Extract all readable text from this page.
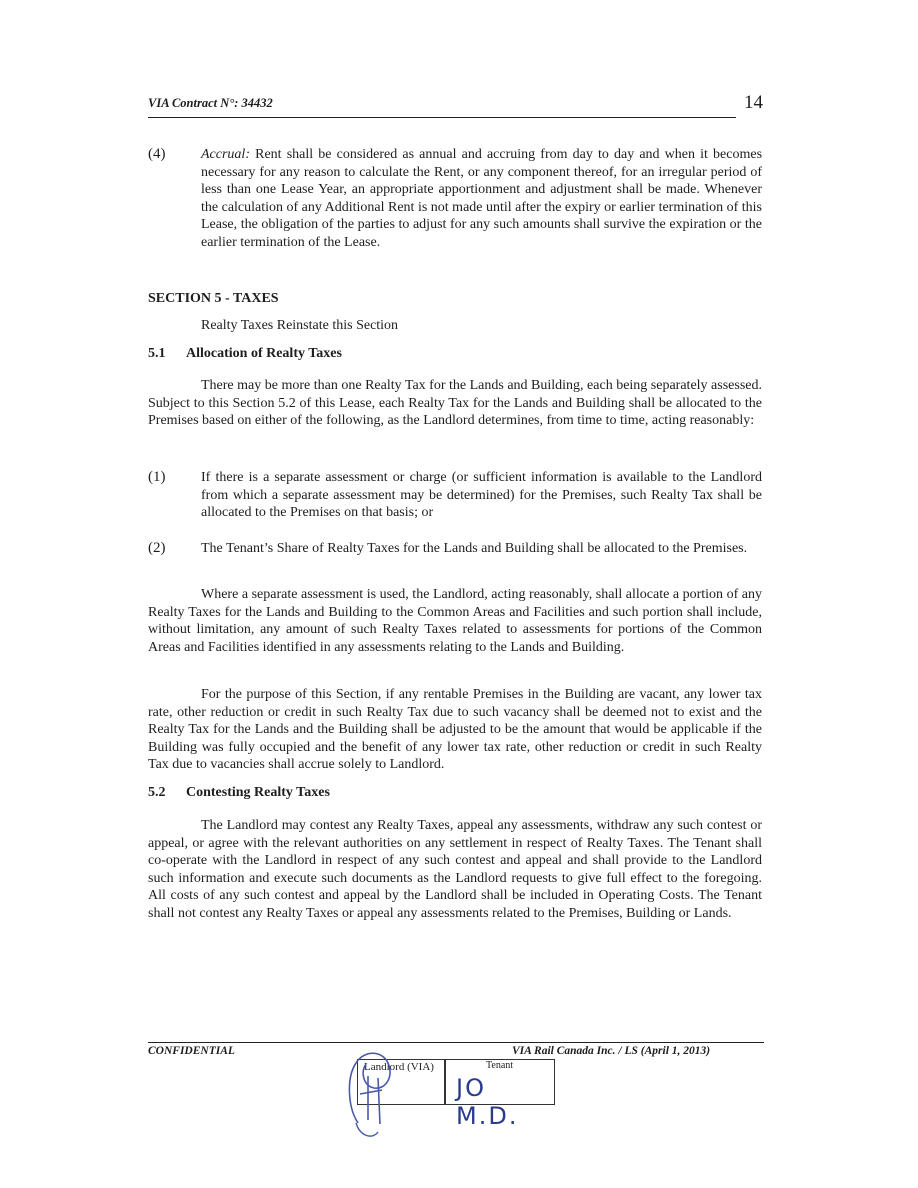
VIA Contract N°: 34432	14
(4)	Accrual: Rent shall be considered as annual and accruing from day to day and when it becomes necessary for any reason to calculate the Rent, or any component thereof, for an irregular period of less than one Lease Year, an appropriate apportionment and adjustment shall be made. Whenever the calculation of any Additional Rent is not made until after the expiry or earlier termination of this Lease, the obligation of the parties to adjust for any such amounts shall survive the expiration or the earlier termination of the Lease.
SECTION 5 - TAXES
Realty Taxes Reinstate this Section
5.1 Allocation of Realty Taxes
There may be more than one Realty Tax for the Lands and Building, each being separately assessed. Subject to this Section 5.2 of this Lease, each Realty Tax for the Lands and Building shall be allocated to the Premises based on either of the following, as the Landlord determines, from time to time, acting reasonably:
(1)	If there is a separate assessment or charge (or sufficient information is available to the Landlord from which a separate assessment may be determined) for the Premises, such Realty Tax shall be allocated to the Premises on that basis; or
(2)	The Tenant’s Share of Realty Taxes for the Lands and Building shall be allocated to the Premises.
Where a separate assessment is used, the Landlord, acting reasonably, shall allocate a portion of any Realty Taxes for the Lands and Building to the Common Areas and Facilities and such portion shall include, without limitation, any amount of such Realty Taxes related to assessments for portions of the Common Areas and Facilities identified in any assessments relating to the Lands and Building.
For the purpose of this Section, if any rentable Premises in the Building are vacant, any lower tax rate, other reduction or credit in such Realty Tax due to such vacancy shall be deemed not to exist and the Realty Tax for the Lands and the Building shall be adjusted to be the amount that would be applicable if the Building was fully occupied and the benefit of any lower tax rate, other reduction or credit in such Realty Tax due to vacancies shall accrue solely to Landlord.
5.2 Contesting Realty Taxes
The Landlord may contest any Realty Taxes, appeal any assessments, withdraw any such contest or appeal, or agree with the relevant authorities on any settlement in respect of Realty Taxes. The Tenant shall co-operate with the Landlord in respect of any such contest and appeal and shall provide to the Landlord such information and execute such documents as the Landlord requests to give full effect to the foregoing. All costs of any such contest and appeal by the Landlord shall be included in Operating Costs. The Tenant shall not contest any Realty Taxes or appeal any assessments related to the Premises, Building or Lands.
CONFIDENTIAL	VIA Rail Canada Inc. / LS (April 1, 2013)
Landlord (VIA)	Tenant
JO M.D.
